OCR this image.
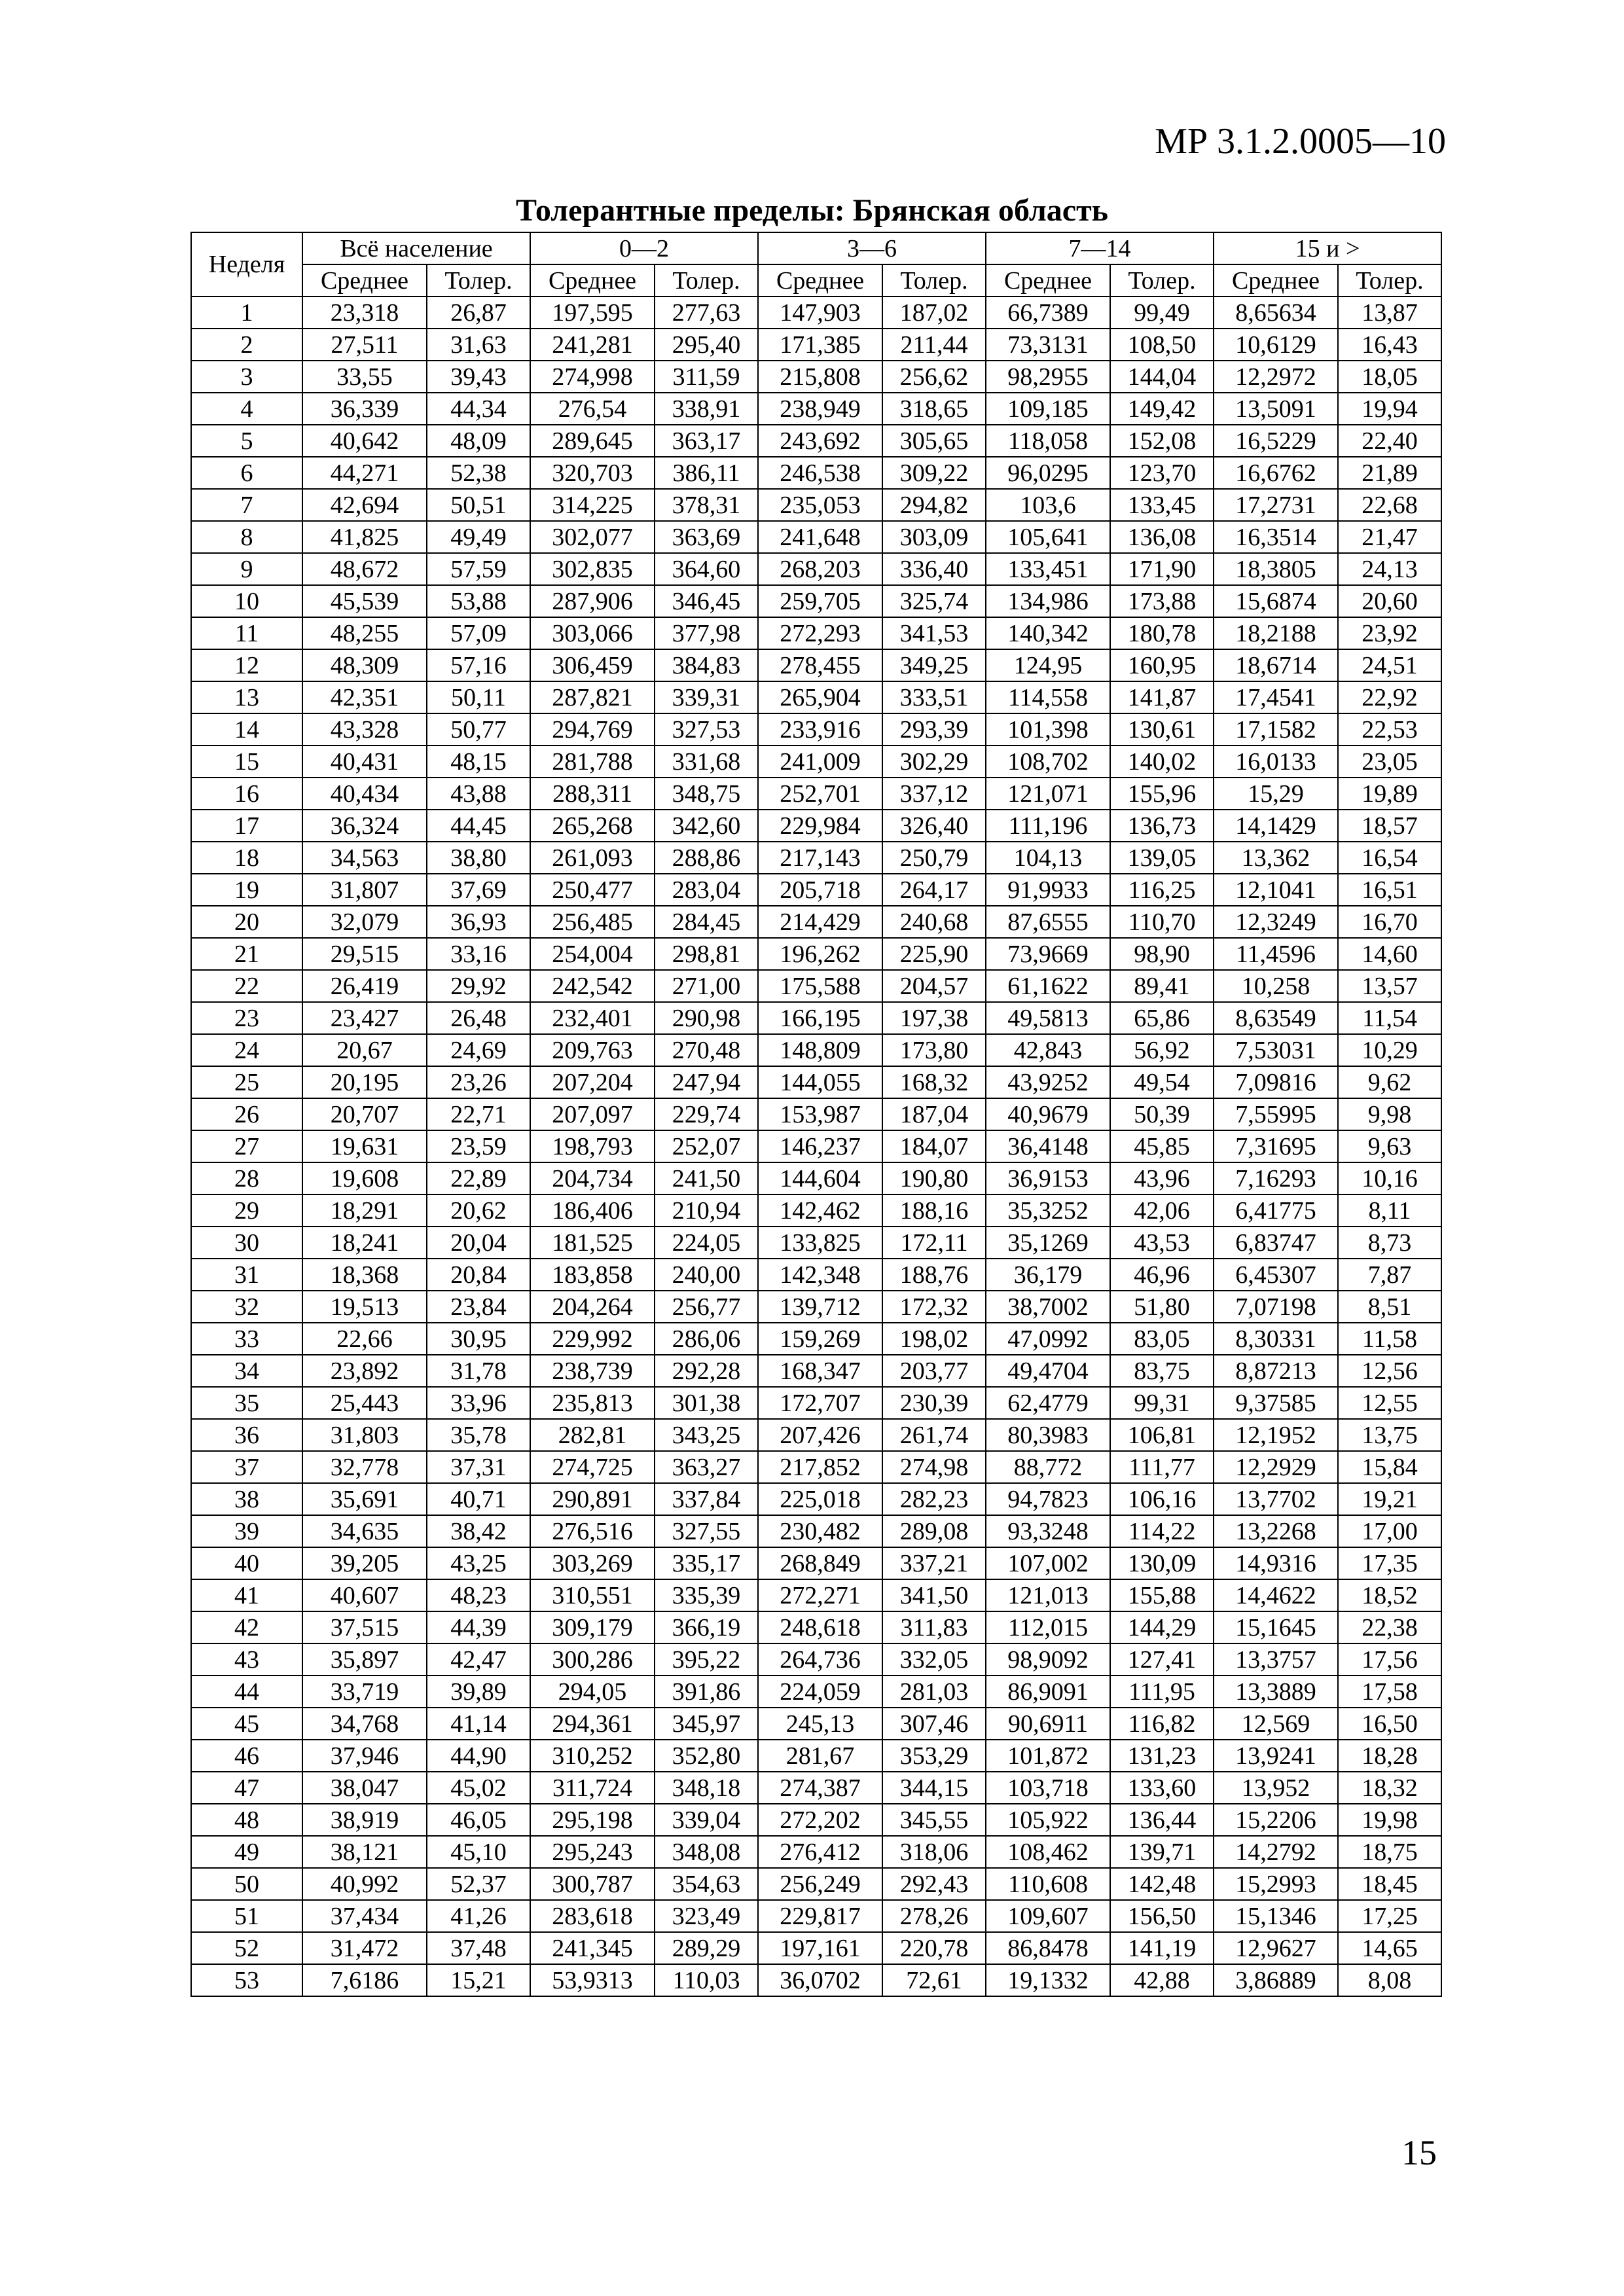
МР 3.1.2.0005—10
Толерантные пределы: Брянская область
Неделя	Всё население		0—2		3—6		7—14		15 и >	
	Среднее	Толер.	Среднее	Толер.	Среднее	Толер.	Среднее	Толер.	Среднее	Толер.
1	23,318	26,87	197,595	277,63	147,903	187,02	66,7389	99,49	8,65634	13,87
2	27,511	31,63	241,281	295,40	171,385	211,44	73,3131	108,50	10,6129	16,43
3	33,55	39,43	274,998	311,59	215,808	256,62	98,2955	144,04	12,2972	18,05
4	36,339	44,34	276,54	338,91	238,949	318,65	109,185	149,42	13,5091	19,94
5	40,642	48,09	289,645	363,17	243,692	305,65	118,058	152,08	16,5229	22,40
6	44,271	52,38	320,703	386,11	246,538	309,22	96,0295	123,70	16,6762	21,89
7	42,694	50,51	314,225	378,31	235,053	294,82	103,6	133,45	17,2731	22,68
8	41,825	49,49	302,077	363,69	241,648	303,09	105,641	136,08	16,3514	21,47
9	48,672	57,59	302,835	364,60	268,203	336,40	133,451	171,90	18,3805	24,13
10	45,539	53,88	287,906	346,45	259,705	325,74	134,986	173,88	15,6874	20,60
11	48,255	57,09	303,066	377,98	272,293	341,53	140,342	180,78	18,2188	23,92
12	48,309	57,16	306,459	384,83	278,455	349,25	124,95	160,95	18,6714	24,51
13	42,351	50,11	287,821	339,31	265,904	333,51	114,558	141,87	17,4541	22,92
14	43,328	50,77	294,769	327,53	233,916	293,39	101,398	130,61	17,1582	22,53
15	40,431	48,15	281,788	331,68	241,009	302,29	108,702	140,02	16,0133	23,05
16	40,434	43,88	288,311	348,75	252,701	337,12	121,071	155,96	15,29	19,89
17	36,324	44,45	265,268	342,60	229,984	326,40	111,196	136,73	14,1429	18,57
18	34,563	38,80	261,093	288,86	217,143	250,79	104,13	139,05	13,362	16,54
19	31,807	37,69	250,477	283,04	205,718	264,17	91,9933	116,25	12,1041	16,51
20	32,079	36,93	256,485	284,45	214,429	240,68	87,6555	110,70	12,3249	16,70
21	29,515	33,16	254,004	298,81	196,262	225,90	73,9669	98,90	11,4596	14,60
22	26,419	29,92	242,542	271,00	175,588	204,57	61,1622	89,41	10,258	13,57
23	23,427	26,48	232,401	290,98	166,195	197,38	49,5813	65,86	8,63549	11,54
24	20,67	24,69	209,763	270,48	148,809	173,80	42,843	56,92	7,53031	10,29
25	20,195	23,26	207,204	247,94	144,055	168,32	43,9252	49,54	7,09816	9,62
26	20,707	22,71	207,097	229,74	153,987	187,04	40,9679	50,39	7,55995	9,98
27	19,631	23,59	198,793	252,07	146,237	184,07	36,4148	45,85	7,31695	9,63
28	19,608	22,89	204,734	241,50	144,604	190,80	36,9153	43,96	7,16293	10,16
29	18,291	20,62	186,406	210,94	142,462	188,16	35,3252	42,06	6,41775	8,11
30	18,241	20,04	181,525	224,05	133,825	172,11	35,1269	43,53	6,83747	8,73
31	18,368	20,84	183,858	240,00	142,348	188,76	36,179	46,96	6,45307	7,87
32	19,513	23,84	204,264	256,77	139,712	172,32	38,7002	51,80	7,07198	8,51
33	22,66	30,95	229,992	286,06	159,269	198,02	47,0992	83,05	8,30331	11,58
34	23,892	31,78	238,739	292,28	168,347	203,77	49,4704	83,75	8,87213	12,56
35	25,443	33,96	235,813	301,38	172,707	230,39	62,4779	99,31	9,37585	12,55
36	31,803	35,78	282,81	343,25	207,426	261,74	80,3983	106,81	12,1952	13,75
37	32,778	37,31	274,725	363,27	217,852	274,98	88,772	111,77	12,2929	15,84
38	35,691	40,71	290,891	337,84	225,018	282,23	94,7823	106,16	13,7702	19,21
39	34,635	38,42	276,516	327,55	230,482	289,08	93,3248	114,22	13,2268	17,00
40	39,205	43,25	303,269	335,17	268,849	337,21	107,002	130,09	14,9316	17,35
41	40,607	48,23	310,551	335,39	272,271	341,50	121,013	155,88	14,4622	18,52
42	37,515	44,39	309,179	366,19	248,618	311,83	112,015	144,29	15,1645	22,38
43	35,897	42,47	300,286	395,22	264,736	332,05	98,9092	127,41	13,3757	17,56
44	33,719	39,89	294,05	391,86	224,059	281,03	86,9091	111,95	13,3889	17,58
45	34,768	41,14	294,361	345,97	245,13	307,46	90,6911	116,82	12,569	16,50
46	37,946	44,90	310,252	352,80	281,67	353,29	101,872	131,23	13,9241	18,28
47	38,047	45,02	311,724	348,18	274,387	344,15	103,718	133,60	13,952	18,32
48	38,919	46,05	295,198	339,04	272,202	345,55	105,922	136,44	15,2206	19,98
49	38,121	45,10	295,243	348,08	276,412	318,06	108,462	139,71	14,2792	18,75
50	40,992	52,37	300,787	354,63	256,249	292,43	110,608	142,48	15,2993	18,45
51	37,434	41,26	283,618	323,49	229,817	278,26	109,607	156,50	15,1346	17,25
52	31,472	37,48	241,345	289,29	197,161	220,78	86,8478	141,19	12,9627	14,65
53	7,6186	15,21	53,9313	110,03	36,0702	72,61	19,1332	42,88	3,86889	8,08
15
